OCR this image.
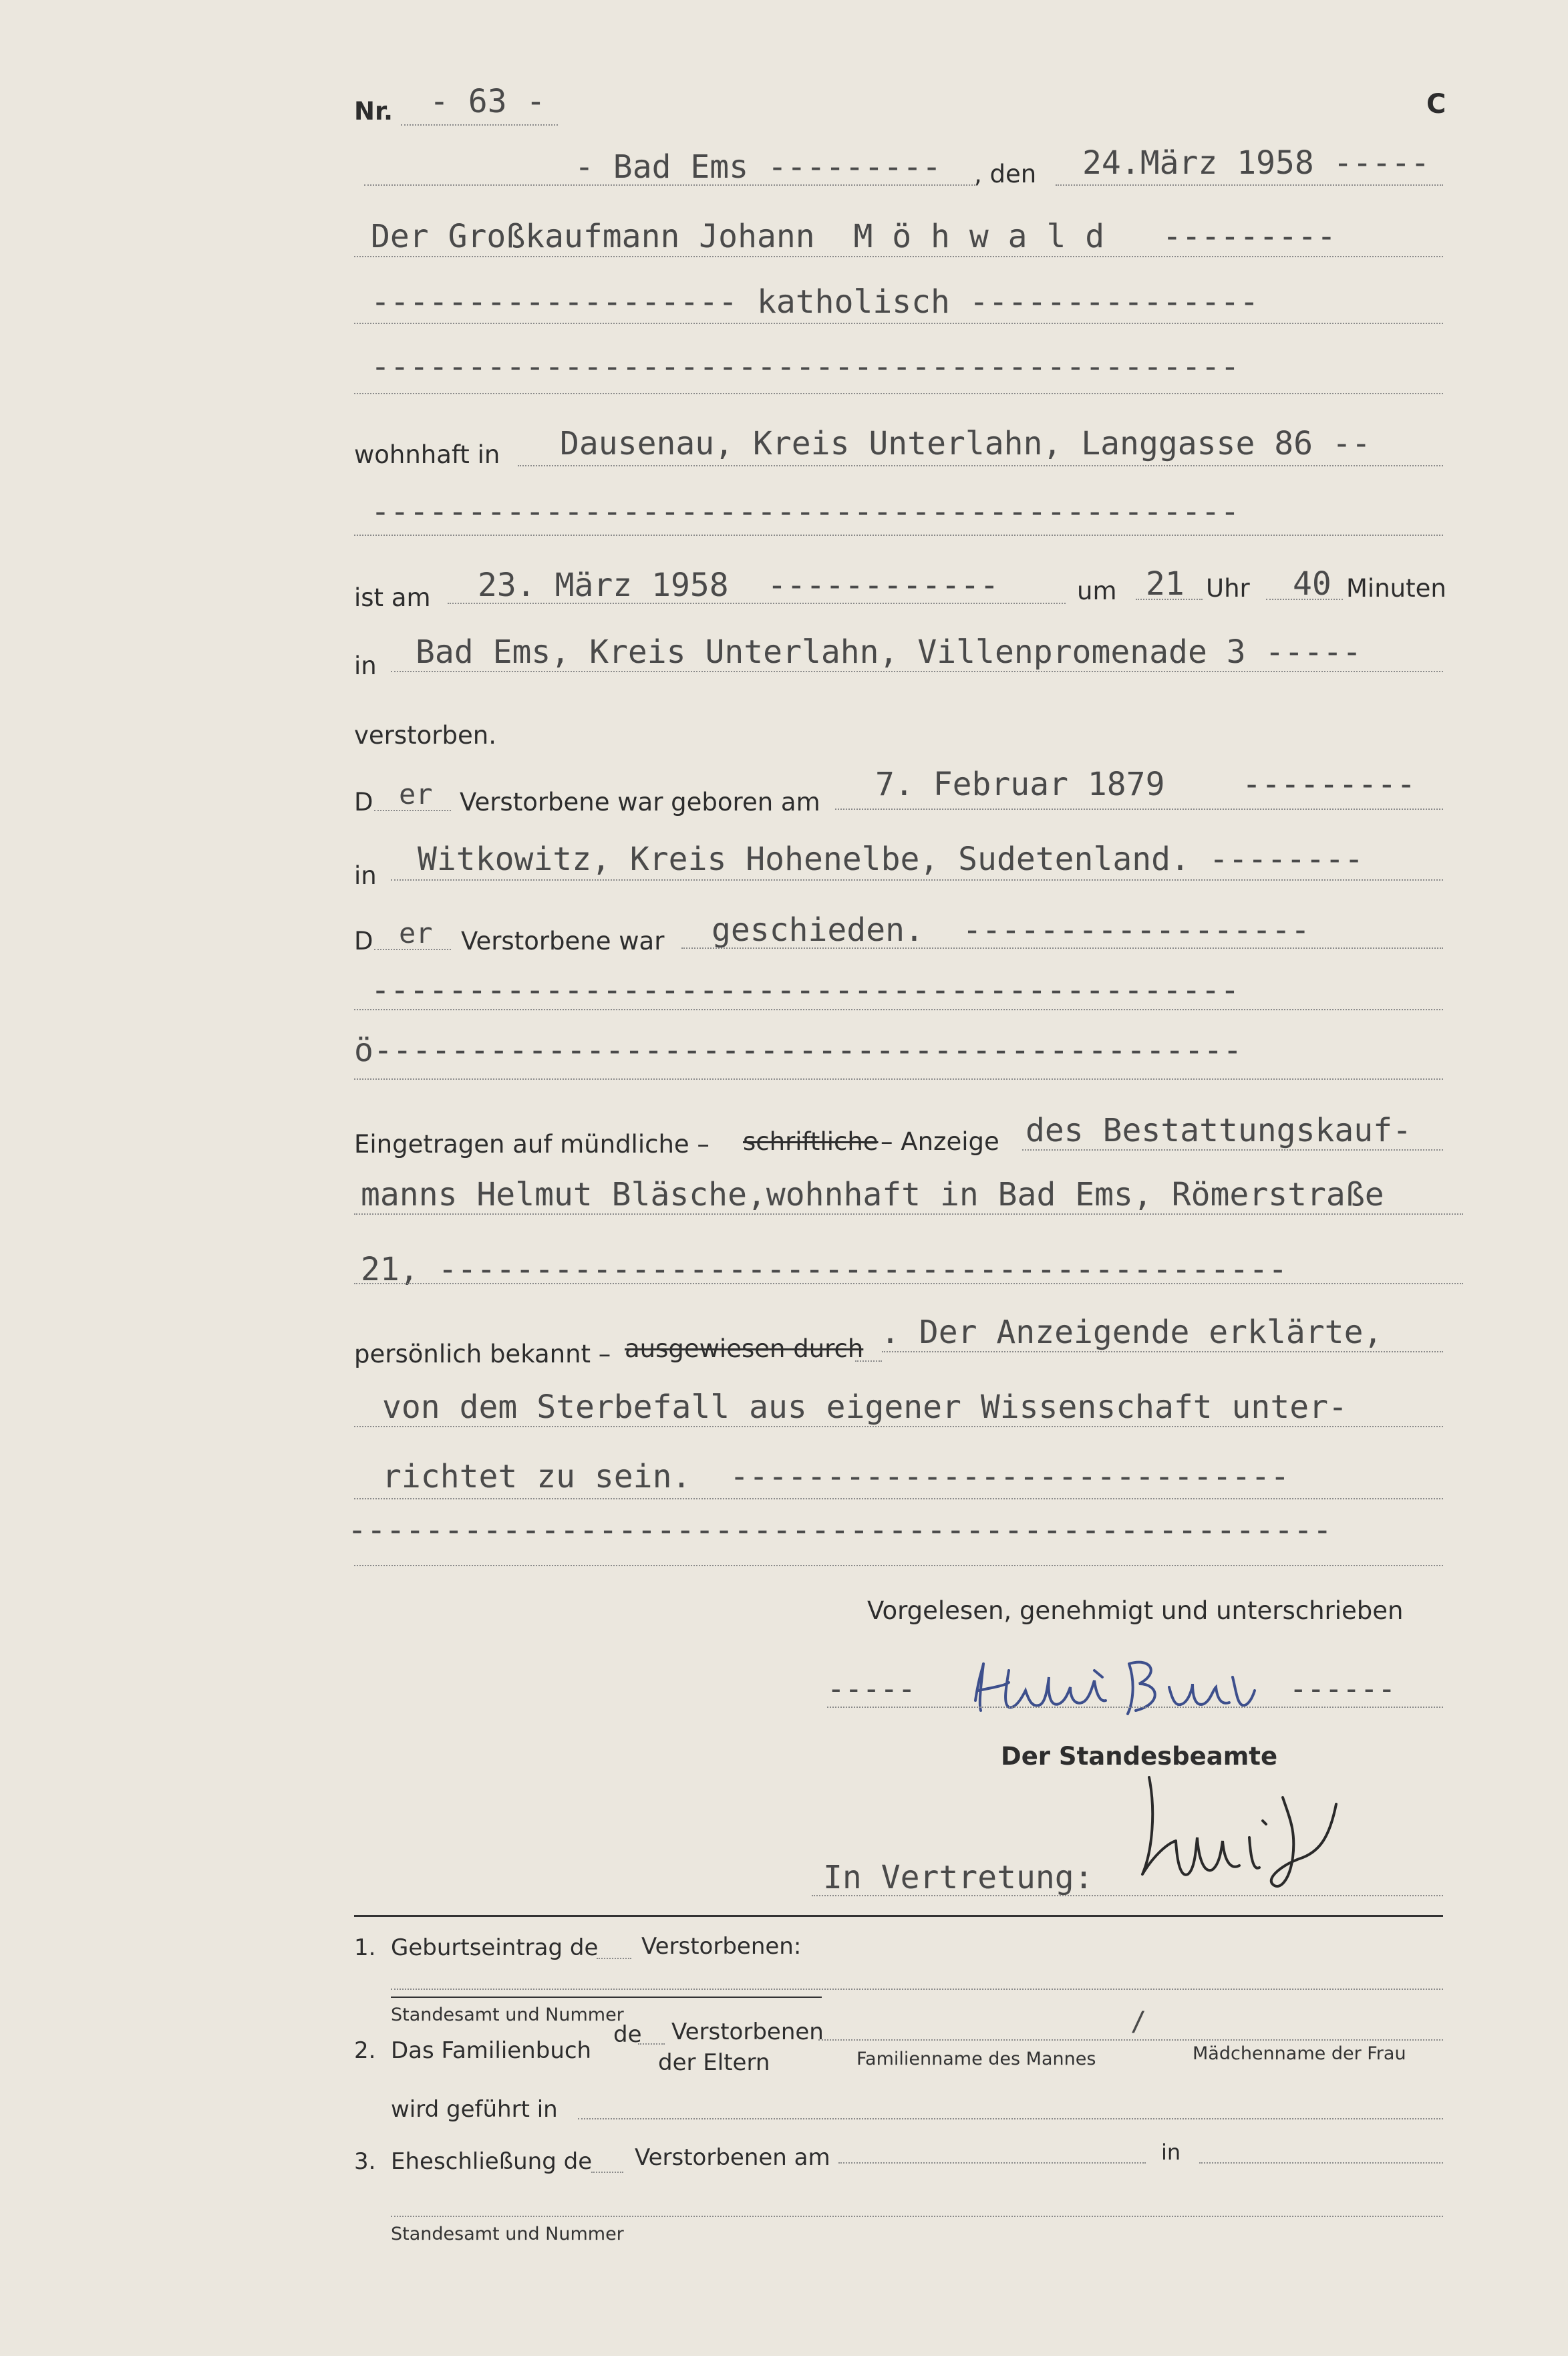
Nr. - 63 -	C
- Bad Ems --------- , den 24.März 1958 -----
Der Großkaufmann Johann  M ö h w a l d   ---------
------------------- katholisch ---------------
---------------------------------------------
wohnhaft in Dausenau, Kreis Unterlahn, Langgasse 86 --
---------------------------------------------
ist am 23. März 1958  ------------	um 21 Uhr 40 Minuten
in Bad Ems, Kreis Unterlahn, Villenpromenade 3 -----
verstorben.
D er Verstorbene war geboren am 7. Februar 1879    ---------
in Witkowitz, Kreis Hohenelbe, Sudetenland. --------
D er Verstorbene war geschieden.  ------------------
---------------------------------------------
ö---------------------------------------------
Eingetragen auf mündliche – schriftliche – Anzeige des Bestattungskauf-
manns Helmut Bläsche,wohnhaft in Bad Ems, Römerstraße
21, --------------------------------------------
persönlich bekannt – ausgewiesen durch . Der Anzeigende erklärte,
von dem Sterbefall aus eigener Wissenschaft unter-
richtet zu sein.  -----------------------------
---------------------------------------------------
Vorgelesen, genehmigt und unterschrieben
-----	------
Der Standesbeamte
In Vertretung:
1. Geburtseintrag de Verstorbenen:
Standesamt und Nummer
2. Das Familienbuch
de Verstorbenen
der Eltern
/
Familienname des Mannes	Mädchenname der Frau
wird geführt in
3. Eheschließung de Verstorbenen am	in
Standesamt und Nummer
